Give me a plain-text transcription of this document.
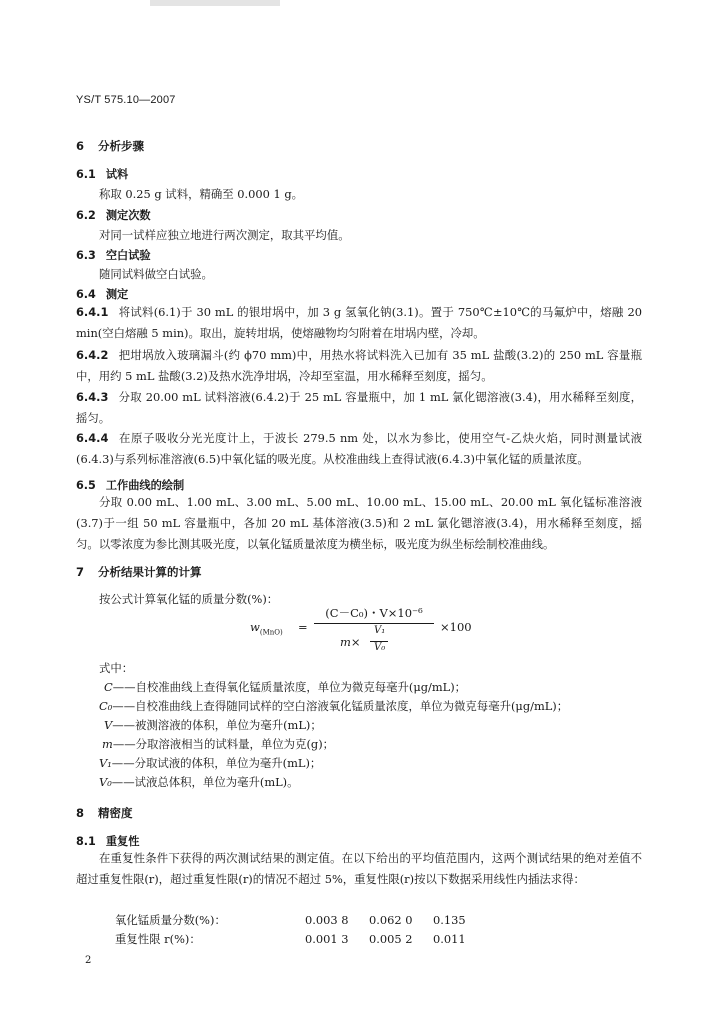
YS/T 575.10—2007
6 分析步骤
6.1 试料
称取 0.25 g 试料，精确至 0.000 1 g。
6.2 测定次数
对同一试样应独立地进行两次测定，取其平均值。
6.3 空白试验
随同试料做空白试验。
6.4 测定
6.4.1 将试料(6.1)于 30 mL 的银坩埚中，加 3 g 氢氧化钠(3.1)。置于 750℃±10℃的马氟炉中，熔融 20 min(空白熔融 5 min)。取出，旋转坩埚，使熔融物均匀附着在坩埚内壁，冷却。
6.4.2 把坩埚放入玻璃漏斗(约 ϕ70 mm)中，用热水将试料洗入已加有 35 mL 盐酸(3.2)的 250 mL 容量瓶中，用约 5 mL 盐酸(3.2)及热水洗净坩埚，冷却至室温，用水稀释至刻度，摇匀。
6.4.3 分取 20.00 mL 试料溶液(6.4.2)于 25 mL 容量瓶中，加 1 mL 氯化锶溶液(3.4)，用水稀释至刻度，摇匀。
6.4.4 在原子吸收分光光度计上，于波长 279.5 nm 处，以水为参比，使用空气-乙炔火焰，同时测量试液(6.4.3)与系列标准溶液(6.5)中氧化锰的吸光度。从校准曲线上查得试液(6.4.3)中氧化锰的质量浓度。
6.5 工作曲线的绘制
分取 0.00 mL、1.00 mL、3.00 mL、5.00 mL、10.00 mL、15.00 mL、20.00 mL 氧化锰标准溶液(3.7)于一组 50 mL 容量瓶中，各加 20 mL 基体溶液(3.5)和 2 mL 氯化锶溶液(3.4)，用水稀释至刻度，摇匀。以零浓度为参比测其吸光度，以氧化锰质量浓度为横坐标，吸光度为纵坐标绘制校准曲线。
7 分析结果计算的计算
按公式计算氧化锰的质量分数(%)：
$w_{(MnO)}$ =
(C－C₀)・V×10⁻⁶
m×
V₁
V₀
×100
式中：
C——自校准曲线上查得氧化锰质量浓度，单位为微克每毫升(μg/mL)；
C₀——自校准曲线上查得随同试样的空白溶液氧化锰质量浓度，单位为微克每毫升(μg/mL)；
V——被测溶液的体积，单位为毫升(mL)；
m——分取溶液相当的试料量，单位为克(g)；
V₁——分取试液的体积，单位为毫升(mL)；
V₀——试液总体积，单位为毫升(mL)。
8 精密度
8.1 重复性
在重复性条件下获得的两次测试结果的测定值。在以下给出的平均值范围内，这两个测试结果的绝对差值不超过重复性限(r)，超过重复性限(r)的情况不超过 5%，重复性限(r)按以下数据采用线性内插法求得：
氧化锰质量分数(%)：	0.003 8 0.062 0 0.135
重复性限 r(%)：	0.001 3 0.005 2 0.011
2
